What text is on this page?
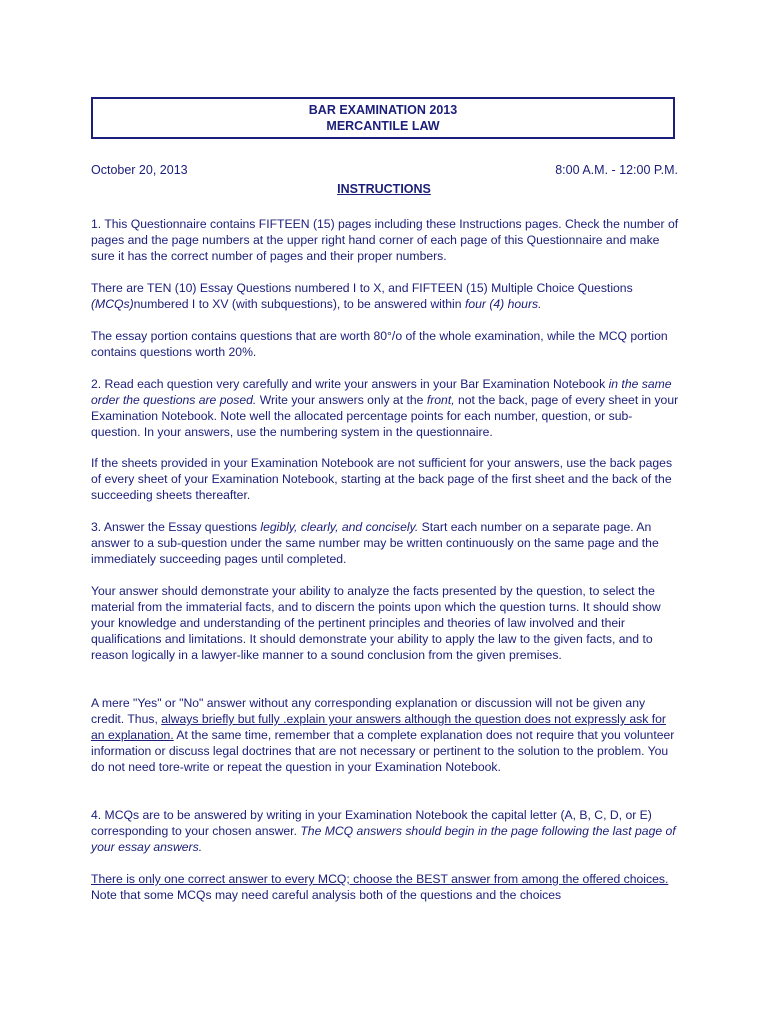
BAR EXAMINATION 2013
MERCANTILE LAW
October 20, 2013	8:00 A.M. - 12:00 P.M.
INSTRUCTIONS

1. This Questionnaire contains FIFTEEN (15) pages including these Instructions pages. Check the number of pages and the page numbers at the upper right hand corner of each page of this Questionnaire and make sure it has the correct number of pages and their proper numbers.

There are TEN (10) Essay Questions numbered I to X, and FIFTEEN (15) Multiple Choice Questions (MCQs)numbered I to XV (with subquestions), to be answered within four (4) hours.

The essay portion contains questions that are worth 80°/o of the whole examination, while the MCQ portion contains questions worth 20%.

2. Read each question very carefully and write your answers in your Bar Examination Notebook in the same order the questions are posed. Write your answers only at the front, not the back, page of every sheet in your Examination Notebook. Note well the allocated percentage points for each number, question, or sub-question. In your answers, use the numbering system in the questionnaire.

If the sheets provided in your Examination Notebook are not sufficient for your answers, use the back pages of every sheet of your Examination Notebook, starting at the back page of the first sheet and the back of the succeeding sheets thereafter.

3. Answer the Essay questions legibly, clearly, and concisely. Start each number on a separate page. An answer to a sub-question under the same number may be written continuously on the same page and the immediately succeeding pages until completed.

Your answer should demonstrate your ability to analyze the facts presented by the question, to select the material from the immaterial facts, and to discern the points upon which the question turns. It should show your knowledge and understanding of the pertinent principles and theories of law involved and their qualifications and limitations. It should demonstrate your ability to apply the law to the given facts, and to reason logically in a lawyer-like manner to a sound conclusion from the given premises.

A mere "Yes" or "No" answer without any corresponding explanation or discussion will not be given any credit. Thus, always briefly but fully .explain your answers although the question does not expressly ask for an explanation. At the same time, remember that a complete explanation does not require that you volunteer information or discuss legal doctrines that are not necessary or pertinent to the solution to the problem. You do not need tore-write or repeat the question in your Examination Notebook.

4. MCQs are to be answered by writing in your Examination Notebook the capital letter (A, B, C, D, or E) corresponding to your chosen answer. The MCQ answers should begin in the page following the last page of your essay answers.

There is only one correct answer to every MCQ; choose the BEST answer from among the offered choices. Note that some MCQs may need careful analysis both of the questions and the choices
